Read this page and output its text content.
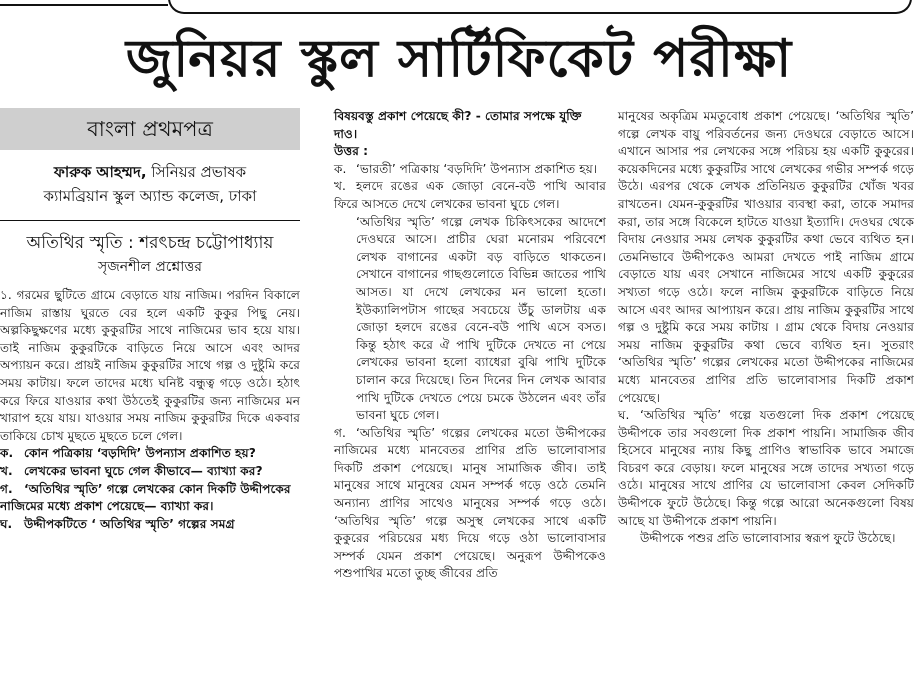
জুনিয়র স্কুল সার্টিফিকেট পরীক্ষা
বাংলা প্রথমপত্র
ফারুক আহম্মদ, সিনিয়র প্রভাষক
ক্যামব্রিয়ান স্কুল অ্যান্ড কলেজ, ঢাকা
অতিথির স্মৃতি : শরৎচন্দ্র চট্টোপাধ্যায়
সৃজনশীল প্রশ্নোত্তর

১. গরমের ছুটিতে গ্রামে বেড়াতে যায় নাজিম। পরদিন বিকালে নাজিম রাস্তায় ঘুরতে বের হলে একটি কুকুর পিছু নেয়। অল্পকিছুক্ষণের মধ্যে কুকুরটির সাথে নাজিমের ভাব হয়ে যায়। তাই নাজিম কুকুরটিকে বাড়িতে নিয়ে আসে এবং আদর অপ্যায়ন করে। প্রায়ই নাজিম কুকুরটির সাথে গল্প ও দুষ্টুমি করে সময় কাটায়। ফলে তাদের মধ্যে ঘনিষ্ট বন্ধুত্ব গড়ে ওঠে। হঠাৎ করে ফিরে যাওয়ার কথা উঠতেই কুকুরটির জন্য নাজিমের মন খারাপ হয়ে যায়। যাওয়ার সময় নাজিম কুকুরটির দিকে একবার তাকিয়ে চোখ মুছতে মুছতে চলে গেল।

ক. কোন পত্রিকায় ‘বড়দিদি’ উপন্যাস প্রকাশিত হয়?

খ. লেখকের ভাবনা ঘুচে গেল কীভাবে— ব্যাখ্যা কর?

গ. ‘অতিথির স্মৃতি’ গল্পে লেখকের কোন দিকটি উদ্দীপকের নাজিমের মধ্যে প্রকাশ পেয়েছে— ব্যাখ্যা কর।

ঘ. উদ্দীপকটিতে ‘ অতিথির স্মৃতি’ গল্পের সমগ্র

বিষয়বস্তু প্রকাশ পেয়েছে কী? - তোমার সপক্ষে যুক্তি দাও।

উত্তর :

ক. ‘ভারতী’ পত্রিকায় ‘বড়দিদি’ উপন্যাস প্রকাশিত হয়।

খ. হলদে রঙের এক জোড়া বেনে-বউ পাখি আবার ফিরে আসতে দেখে লেখকের ভাবনা ঘুচে গেল।

‘অতিথির স্মৃতি’ গল্পে লেখক চিকিৎসকের আদেশে দেওঘরে আসে। প্রাচীর ঘেরা মনোরম পরিবেশে লেখক বাগানের একটা বড় বাড়িতে থাকতেন। সেখানে বাগানের গাছগুলোতে বিভিন্ন জাতের পাখি আসত। যা দেখে লেখকের মন ভালো হতো। ইউক্যালিপটাস গাছের সবচেয়ে উঁচু ডালটায় এক জোড়া হলদে রঙের বেনে-বউ পাখি এসে বসত। কিন্তু হঠাৎ করে ঐ পাখি দুটিকে দেখতে না পেয়ে লেখকের ভাবনা হলো ব্যাধেরা বুঝি পাখি দুটিকে চালান করে দিয়েছে। তিন দিনের দিন লেখক আবার পাখি দুটিকে দেখতে পেয়ে চমকে উঠলেন এবং তাঁর ভাবনা ঘুচে গেল।

গ. ‘অতিথির স্মৃতি’ গল্পের লেখকের মতো উদ্দীপকের নাজিমের মধ্যে মানবেতর প্রাণির প্রতি ভালোবাসার দিকটি প্রকাশ পেয়েছে। মানুষ সামাজিক জীব। তাই মানুষের সাথে মানুষের যেমন সম্পর্ক গড়ে ওঠে তেমনি অন্যান্য প্রাণির সাথেও মানুষের সম্পর্ক গড়ে ওঠে। ‘অতিথির স্মৃতি’ গল্পে অসুস্থ লেখকের সাথে একটি কুকুরের পরিচয়ের মধ্য দিয়ে গড়ে ওঠা ভালোবাসার সম্পর্ক যেমন প্রকাশ পেয়েছে। অনুরূপ উদ্দীপকেও পশুপাখির মতো তুচ্ছ জীবের প্রতি

মানুষের অকৃত্রিম মমতুবোধ প্রকাশ পেয়েছে। ‘অতিথির স্মৃতি’ গল্পে লেখক বায়ু পরিবর্তনের জন্য দেওঘরে বেড়াতে আসে। এখানে আসার পর লেখকের সঙ্গে পরিচয় হয় একটি কুকুরের। কয়েকদিনের মধ্যে কুকুরটির সাথে লেখকের গভীর সম্পর্ক গড়ে উঠে। এরপর থেকে লেখক প্রতিনিয়ত কুকুরটির খোঁজ খবর রাখতেন। যেমন-কুকুরটির খাওয়ার ব্যবস্থা করা, তাকে সমাদর করা, তার সঙ্গে বিকেলে হাটতে যাওয়া ইত্যাদি। দেওঘর থেকে বিদায় নেওয়ার সময় লেখক কুকুরটির কথা ভেবে ব্যথিত হন। তেমনিভাবে উদ্দীপকেও আমরা দেখতে পাই নাজিম গ্রামে বেড়াতে যায় এবং সেখানে নাজিমের সাথে একটি কুকুরের সখ্যতা গড়ে ওঠে। ফলে নাজিম কুকুরটিকে বাড়িতে নিয়ে আসে এবং আদর আপ্যায়ন করে। প্রায় নাজিম কুকুরটির সাথে গল্প ও দুষ্টুমি করে সময় কাটায় । গ্রাম থেকে বিদায় নেওয়ার সময় নাজিম কুকুরটির কথা ভেবে ব্যথিত হন। সুতরাং ‘অতিথির স্মৃতি’ গল্পের লেখকের মতো উদ্দীপকের নাজিমের মধ্যে মানবেতর প্রাণির প্রতি ভালোবাসার দিকটি প্রকাশ পেয়েছে।

ঘ. ‘অতিথির স্মৃতি’ গল্পে যতগুলো দিক প্রকাশ পেয়েছে উদ্দীপকে তার সবগুলো দিক প্রকাশ পায়নি। সামাজিক জীব হিসেবে মানুষের ন্যায় কিছু প্রাণিও স্বাভাবিক ভাবে সমাজে বিচরণ করে বেড়ায়। ফলে মানুষের সঙ্গে তাদের সখ্যতা গড়ে ওঠে। মানুষের সাথে প্রাণির যে ভালোবাসা কেবল সেদিকটি উদ্দীপকে ফুটে উঠেছে। কিন্তু গল্পে আরো অনেকগুলো বিষয় আছে যা উদ্দীপকে প্রকাশ পায়নি।

উদ্দীপকে পশুর প্রতি ভালোবাসার স্বরূপ ফুটে উঠেছে।
